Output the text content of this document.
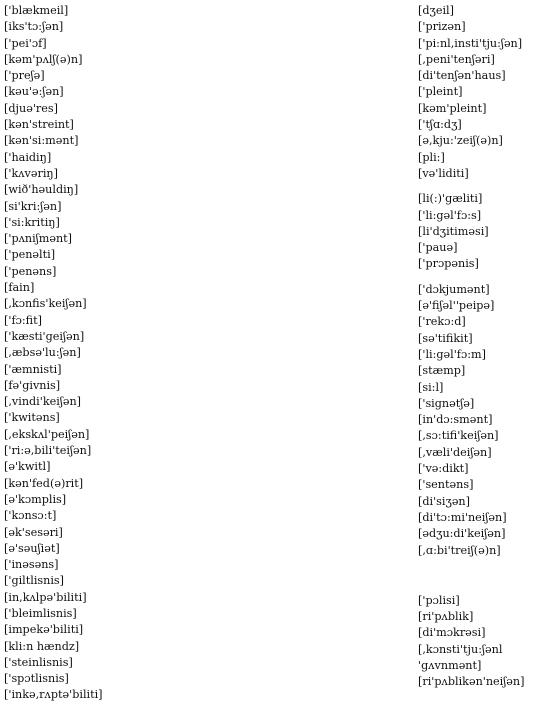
['blækmeil]
[iks'tɔ:ʃən]
['pei'ɔf]
[kəm'pʌlʃ(ə)n]
['preʃə]
[kəu'ə:ʃən]
[djuə'res]
[kən'streint]
[kən'si:mənt]
['haidiŋ]
['kʌvəriŋ]
[wið'həuldiŋ]
[si'kri:ʃən]
['si:kritiŋ]
['pʌniʃmənt]
['penəlti]
['penəns]
[fain]
[,kɔnfis'keiʃən]
['fɔ:fit]
['kæsti'geiʃən]
[,æbsə'lu:ʃən]
['æmnisti]
[fə'givnis]
[,vindi'keiʃən]
['kwitəns]
[,ekskʌl'peiʃən]
['ri:ə,bili'teiʃən]
[ə'kwitl]
[kən'fed(ə)rit]
[ə'kɔmplis]
['kɔnsɔ:t]
[ək'sesəri]
[ə'səuʃiət]
['inəsəns]
['giltlisnis]
[in,kʌlpə'biliti]
['bleimlisnis]
[impekə'biliti]
[kli:n hændz]
['steinlisnis]
['spɔtlisnis]
['inkə,rʌptə'biliti]
[dʒeil]
['prizən]
['pi:nl,insti'tju:ʃən]
[,peni'tenʃəri]
[di'tenʃən'haus]
['pleint]
[kəm'pleint]
['tʃɑ:dʒ]
[ə,kju:'zeiʃ(ə)n]
[pli:]
[və'liditi]
[li(:)'gæliti]
['li:gəl'fɔ:s]
[li'dʒitiməsi]
['pauə]
['prɔpənis]
['dɔkjumənt]
[ə'fiʃəl''peipə]
['rekɔ:d]
[sə'tifikit]
['li:gəl'fɔ:m]
[stæmp]
[si:l]
['signətʃə]
[in'dɔ:smənt]
[,sɔ:tifi'keiʃən]
[,væli'deiʃən]
['və:dikt]
['sentəns]
[di'siʒən]
[di'tɔ:mi'neiʃən]
[ədʒu:di'keiʃən]
[,ɑ:bi'treiʃ(ə)n]
['pɔlisi]
[ri'pʌblik]
[di'mɔkrəsi]
[,kɔnsti'tju:ʃənl
'gʌvnmənt]
[ri'pʌblikən'neiʃən]
